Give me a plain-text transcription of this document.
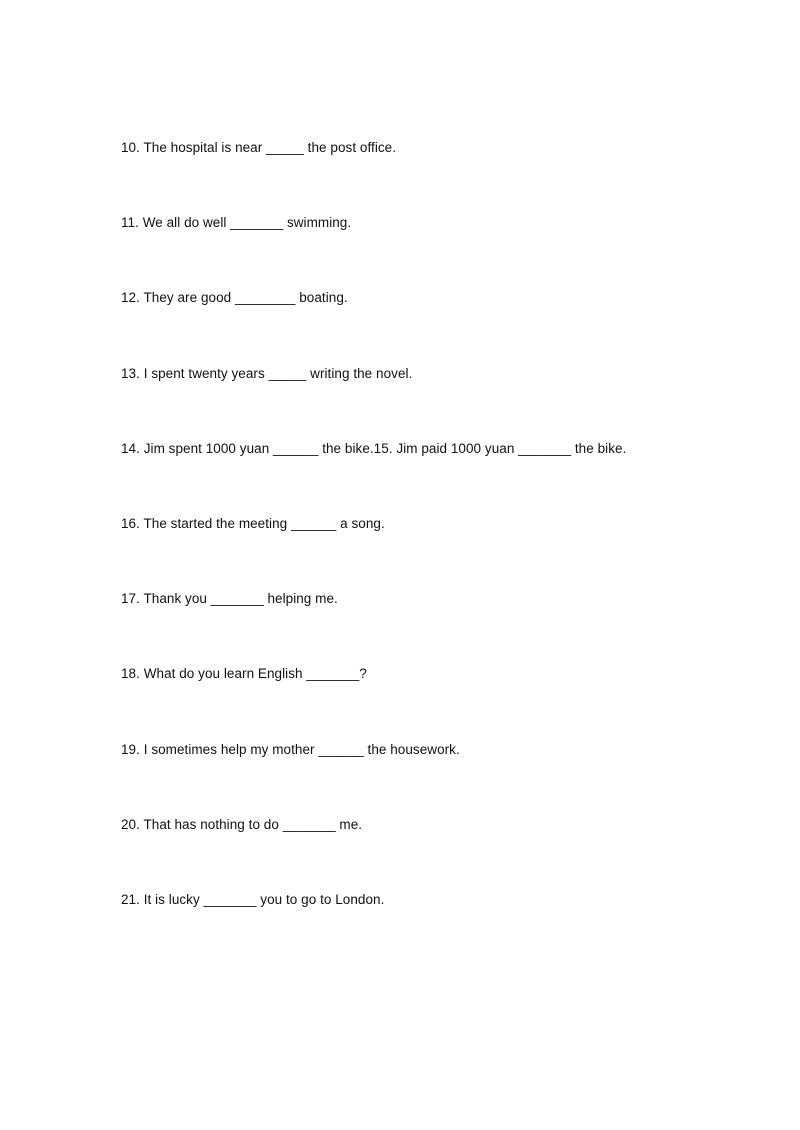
10. The hospital is near _____ the post office.
11. We all do well _______ swimming.
12. They are good ________ boating.
13. I spent twenty years _____ writing the novel.
14. Jim spent 1000 yuan ______ the bike.15. Jim paid 1000 yuan _______ the bike.
16. The started the meeting ______ a song.
17. Thank you _______ helping me.
18. What do you learn English _______?
19. I sometimes help my mother ______ the housework.
20. That has nothing to do _______ me.
21. It is lucky _______ you to go to London.
